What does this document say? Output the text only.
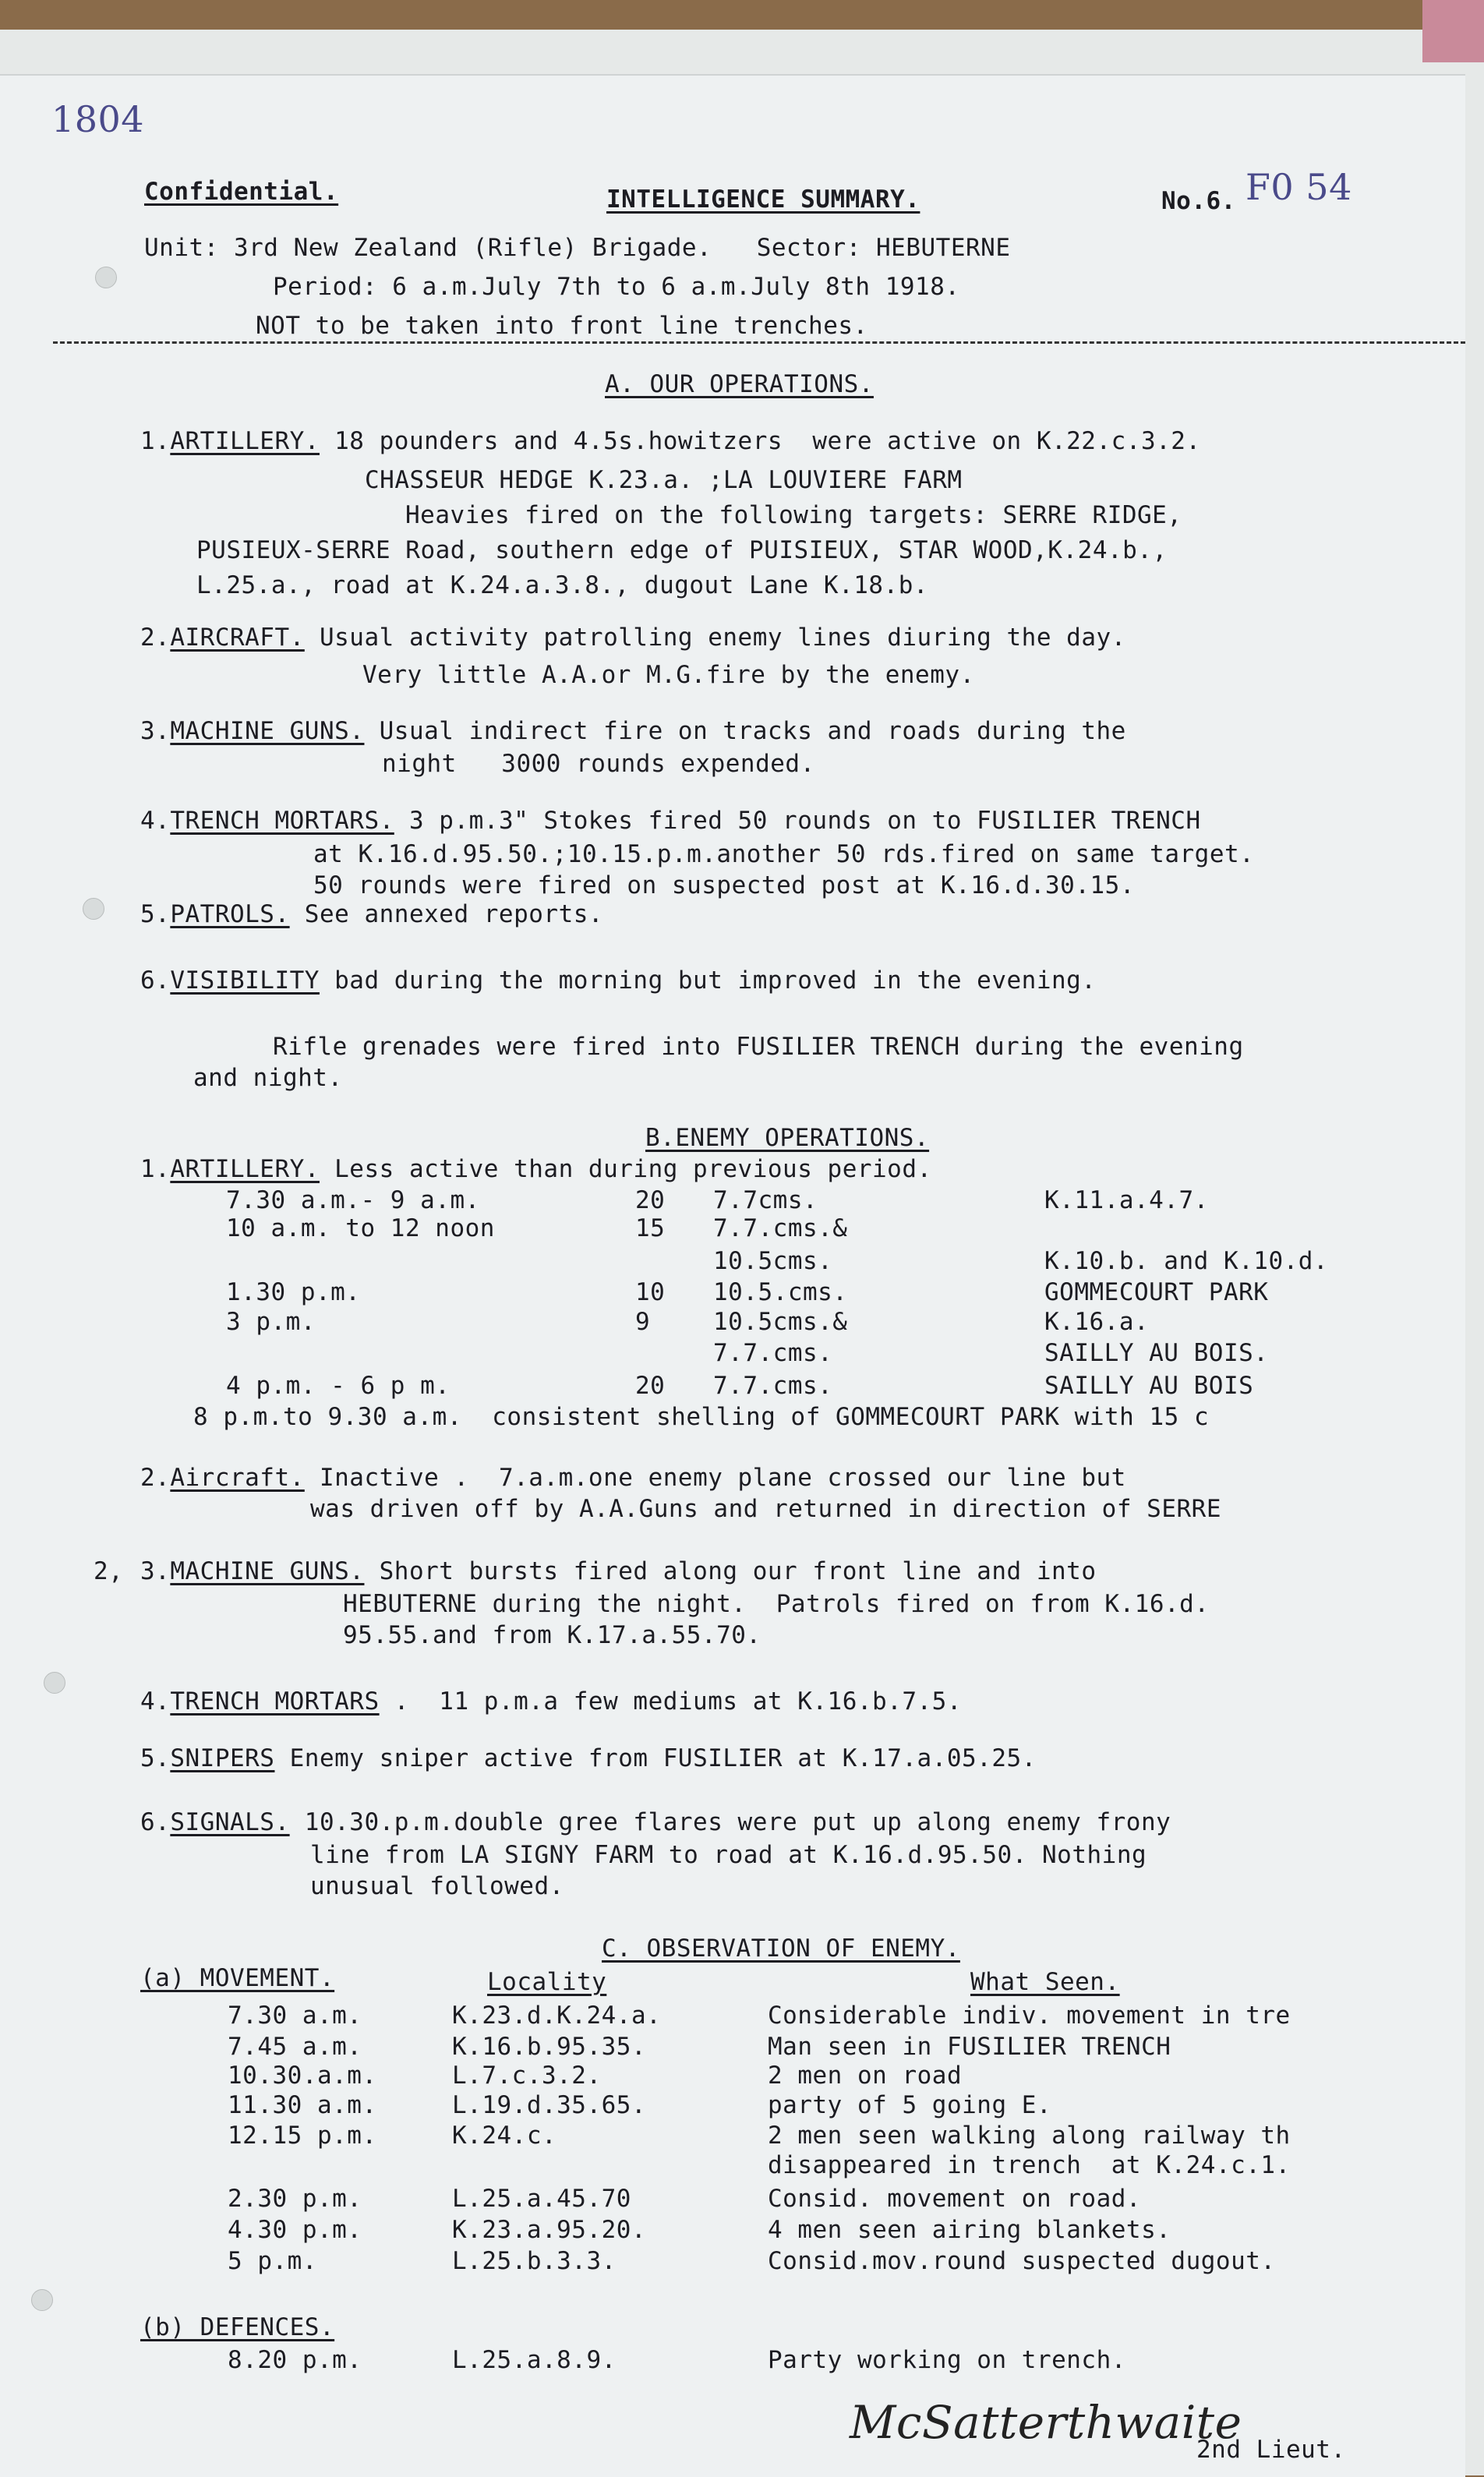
1804
Confidential.	INTELLIGENCE SUMMARY.	No.6. F0 54
Unit: 3rd New Zealand (Rifle) Brigade.   Sector: HEBUTERNE
Period: 6 a.m.July 7th to 6 a.m.July 8th 1918.
NOT to be taken into front line trenches.
A. OUR OPERATIONS.
1.ARTILLERY. 18 pounders and 4.5s.howitzers  were active on K.22.c.3.2.
CHASSEUR HEDGE K.23.a. ;LA LOUVIERE FARM
Heavies fired on the following targets: SERRE RIDGE,
PUSIEUX-SERRE Road, southern edge of PUISIEUX, STAR WOOD,K.24.b.,
L.25.a., road at K.24.a.3.8., dugout Lane K.18.b.
2.AIRCRAFT. Usual activity patrolling enemy lines diuring the day.
Very little A.A.or M.G.fire by the enemy.
3.MACHINE GUNS. Usual indirect fire on tracks and roads during the
night   3000 rounds expended.
4.TRENCH MORTARS. 3 p.m.3" Stokes fired 50 rounds on to FUSILIER TRENCH
at K.16.d.95.50.;10.15.p.m.another 50 rds.fired on same target.
50 rounds were fired on suspected post at K.16.d.30.15.
5.PATROLS. See annexed reports.
6.VISIBILITY bad during the morning but improved in the evening.
Rifle grenades were fired into FUSILIER TRENCH during the evening
and night.
B.ENEMY OPERATIONS.
1.ARTILLERY. Less active than during previous period.
7.30 a.m.- 9 a.m.	20 7.7cms.	K.11.a.4.7.
10 a.m. to 12 noon	15 7.7.cms.&
10.5cms.	K.10.b. and K.10.d.
1.30 p.m.	10 10.5.cms.	GOMMECOURT PARK
3 p.m.	9	10.5cms.&	K.16.a.
7.7.cms.	SAILLY AU BOIS.
4 p.m. - 6 p m.	20 7.7.cms.	SAILLY AU BOIS
8 p.m.to 9.30 a.m.  consistent shelling of GOMMECOURT PARK with 15 c
2,
2.Aircraft. Inactive .  7.a.m.one enemy plane crossed our line but
was driven off by A.A.Guns and returned in direction of SERRE
3.MACHINE GUNS. Short bursts fired along our front line and into
HEBUTERNE during the night.  Patrols fired on from K.16.d.
95.55.and from K.17.a.55.70.
4.TRENCH MORTARS .  11 p.m.a few mediums at K.16.b.7.5.
5.SNIPERS Enemy sniper active from FUSILIER at K.17.a.05.25.
6.SIGNALS. 10.30.p.m.double gree flares were put up along enemy frony
line from LA SIGNY FARM to road at K.16.d.95.50. Nothing
unusual followed.
C. OBSERVATION OF ENEMY.
(a) MOVEMENT.	Locality	What Seen.
7.30 a.m.	K.23.d.K.24.a.	Considerable indiv. movement in tre
7.45 a.m.	K.16.b.95.35.	Man seen in FUSILIER TRENCH
10.30.a.m.	L.7.c.3.2.	2 men on road
11.30 a.m.	L.19.d.35.65.	party of 5 going E.
12.15 p.m.	K.24.c.	2 men seen walking along railway th
disappeared in trench  at K.24.c.1.
2.30 p.m.	L.25.a.45.70	Consid. movement on road.
4.30 p.m.	K.23.a.95.20.	4 men seen airing blankets.
5 p.m.	L.25.b.3.3.	Consid.mov.round suspected dugout.
(b) DEFENCES.
8.20 p.m.	L.25.a.8.9.	Party working on trench.
McSatterthwaite
2nd Lieut.
